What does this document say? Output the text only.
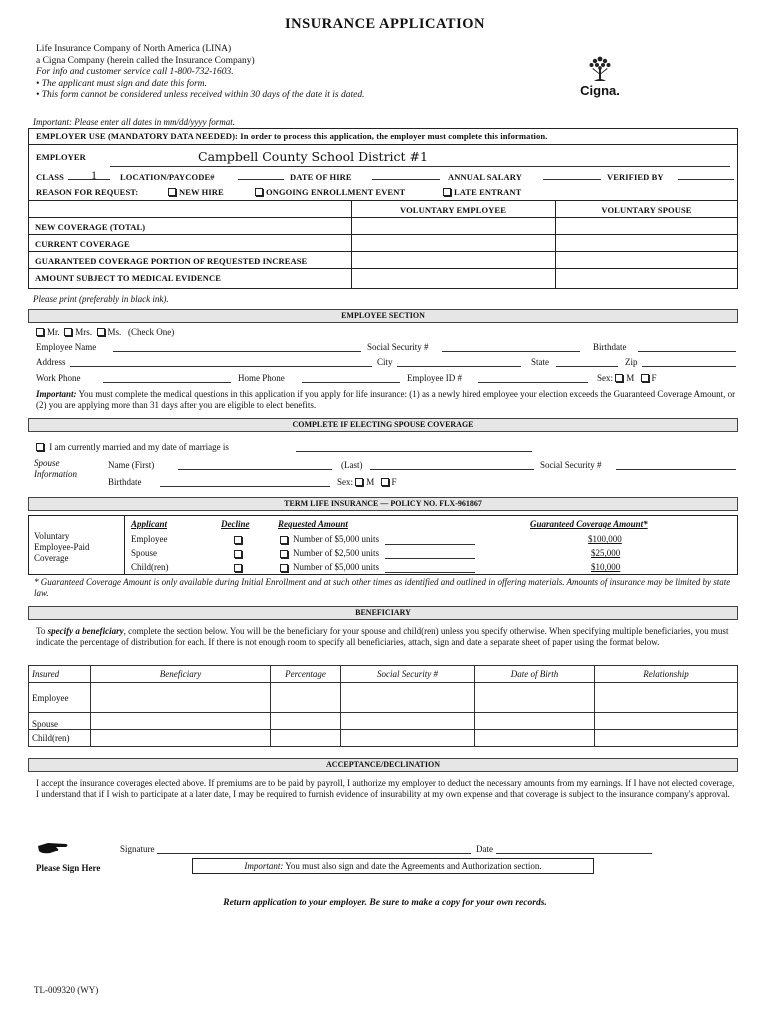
INSURANCE APPLICATION
Life Insurance Company of North America (LINA)
a Cigna Company (herein called the Insurance Company)
For info and customer service call 1-800-732-1603.
• The applicant must sign and date this form.
• This form cannot be considered unless received within 30 days of the date it is dated.	Cigna.
Important: Please enter all dates in mm/dd/yyyy format.
EMPLOYER USE (MANDATORY DATA NEEDED): In order to process this application, the employer must complete this information.
EMPLOYER	Campbell County School District #1
CLASS 1	LOCATION/PAYCODE#	DATE OF HIRE	ANNUAL SALARY	VERIFIED BY
REASON FOR REQUEST:	NEW HIRE	ONGOING ENROLLMENT EVENT	LATE ENTRANT
VOLUNTARY EMPLOYEE	VOLUNTARY SPOUSE
NEW COVERAGE (TOTAL)
CURRENT COVERAGE
GUARANTEED COVERAGE PORTION OF REQUESTED INCREASE
AMOUNT SUBJECT TO MEDICAL EVIDENCE
Please print (preferably in black ink).
EMPLOYEE SECTION
Mr. Mrs. Ms. (Check One)
Employee Name	Social Security #	Birthdate
Address	City	State	Zip
Work Phone	Home Phone	Employee ID #	Sex: M F
Important: You must complete the medical questions in this application if you apply for life insurance: (1) as a newly hired employee your election exceeds the Guaranteed Coverage Amount, or (2) you are applying more than 31 days after you are eligible to elect benefits.
COMPLETE IF ELECTING SPOUSE COVERAGE
I am currently married and my date of marriage is
Spouse
Information
Name (First)	(Last)	Social Security #
Birthdate	Sex: M F
TERM LIFE INSURANCE — POLICY NO. FLX-961867
Voluntary
Employee-Paid
Coverage
Applicant	Decline	Requested Amount	Guaranteed Coverage Amount*
Employee	Number of $5,000 units	$100,000
Spouse	Number of $2,500 units	$25,000
Child(ren)	Number of $5,000 units	$10,000
* Guaranteed Coverage Amount is only available during Initial Enrollment and at such other times as identified and outlined in offering materials. Amounts of insurance may be limited by state law.
BENEFICIARY
To specify a beneficiary, complete the section below. You will be the beneficiary for your spouse and child(ren) unless you specify otherwise. When specifying multiple beneficiaries, you must indicate the percentage of distribution for each. If there is not enough room to specify all beneficiaries, attach, sign and date a separate sheet of paper using the format below.
Insured	Beneficiary	Percentage	Social Security #	Date of Birth	Relationship
Employee					
Spouse					
Child(ren)					
ACCEPTANCE/DECLINATION
I accept the insurance coverages elected above. If premiums are to be paid by payroll, I authorize my employer to deduct the necessary amounts from my earnings. If I have not elected coverage, I understand that if I wish to participate at a later date, I may be required to furnish evidence of insurability at my own expense and that coverage is subject to the insurance company's approval.
Signature	Date
Please Sign Here	Important: You must also sign and date the Agreements and Authorization section.
Return application to your employer. Be sure to make a copy for your own records.
TL-009320 (WY)
